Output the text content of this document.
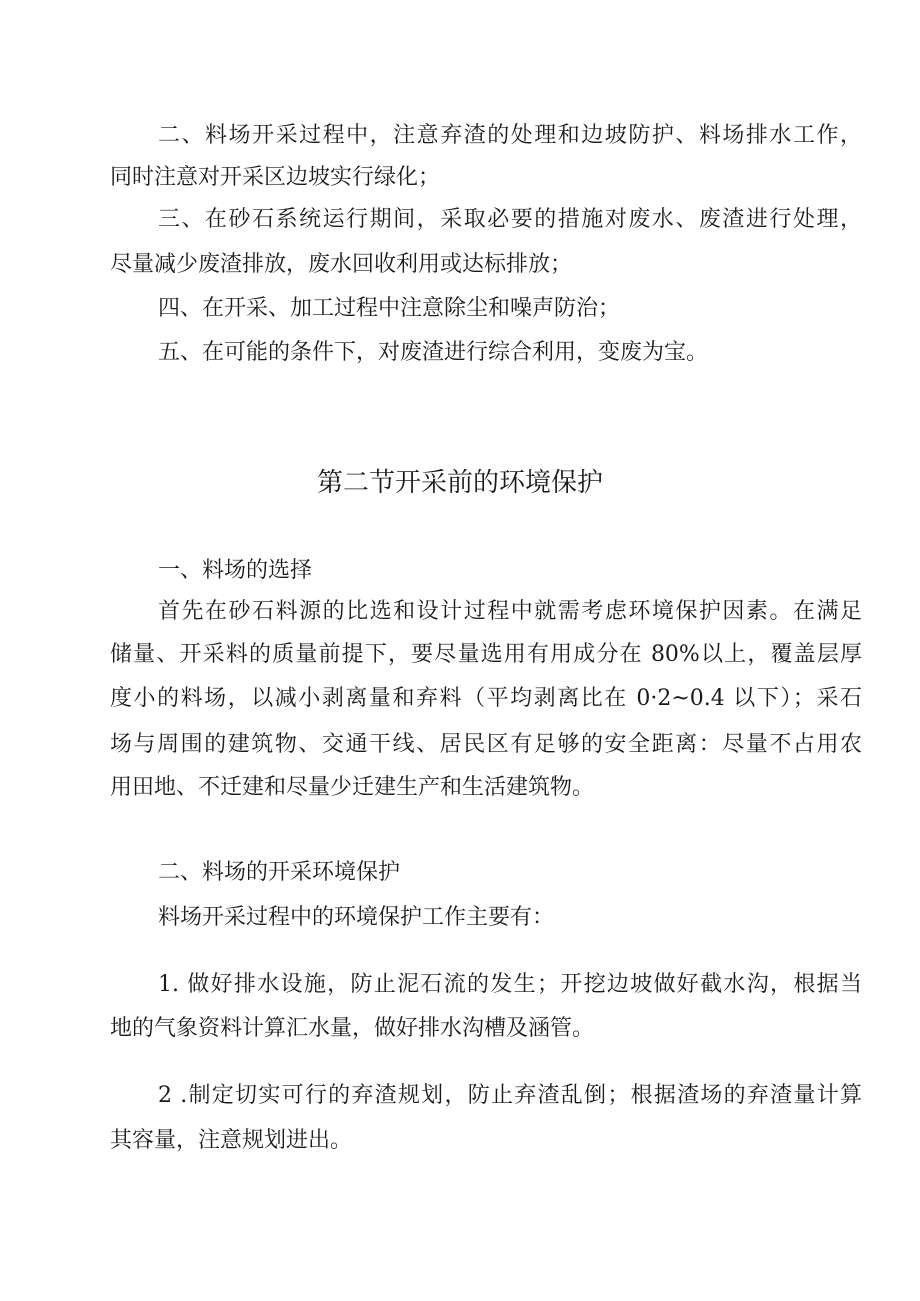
二、料场开采过程中，注意弃渣的处理和边坡防护、料场排水工作，
同时注意对开采区边坡实行绿化；
三、在砂石系统运行期间，采取必要的措施对废水、废渣进行处理，
尽量减少废渣排放，废水回收利用或达标排放；
四、在开采、加工过程中注意除尘和噪声防治；
五、在可能的条件下，对废渣进行综合利用，变废为宝。
第二节开采前的环境保护
一、料场的选择
首先在砂石料源的比选和设计过程中就需考虑环境保护因素。在满足
储量、开采料的质量前提下，要尽量选用有用成分在 80%以上，覆盖层厚
度小的料场，以减小剥离量和弃料（平均剥离比在 0·2~0.4 以下）；采石
场与周围的建筑物、交通干线、居民区有足够的安全距离：尽量不占用农
用田地、不迁建和尽量少迁建生产和生活建筑物。
二、料场的开采环境保护
料场开采过程中的环境保护工作主要有：
1. 做好排水设施，防止泥石流的发生；开挖边坡做好截水沟，根据当
地的气象资料计算汇水量，做好排水沟槽及涵管。
2 .制定切实可行的弃渣规划，防止弃渣乱倒；根据渣场的弃渣量计算
其容量，注意规划进出。
